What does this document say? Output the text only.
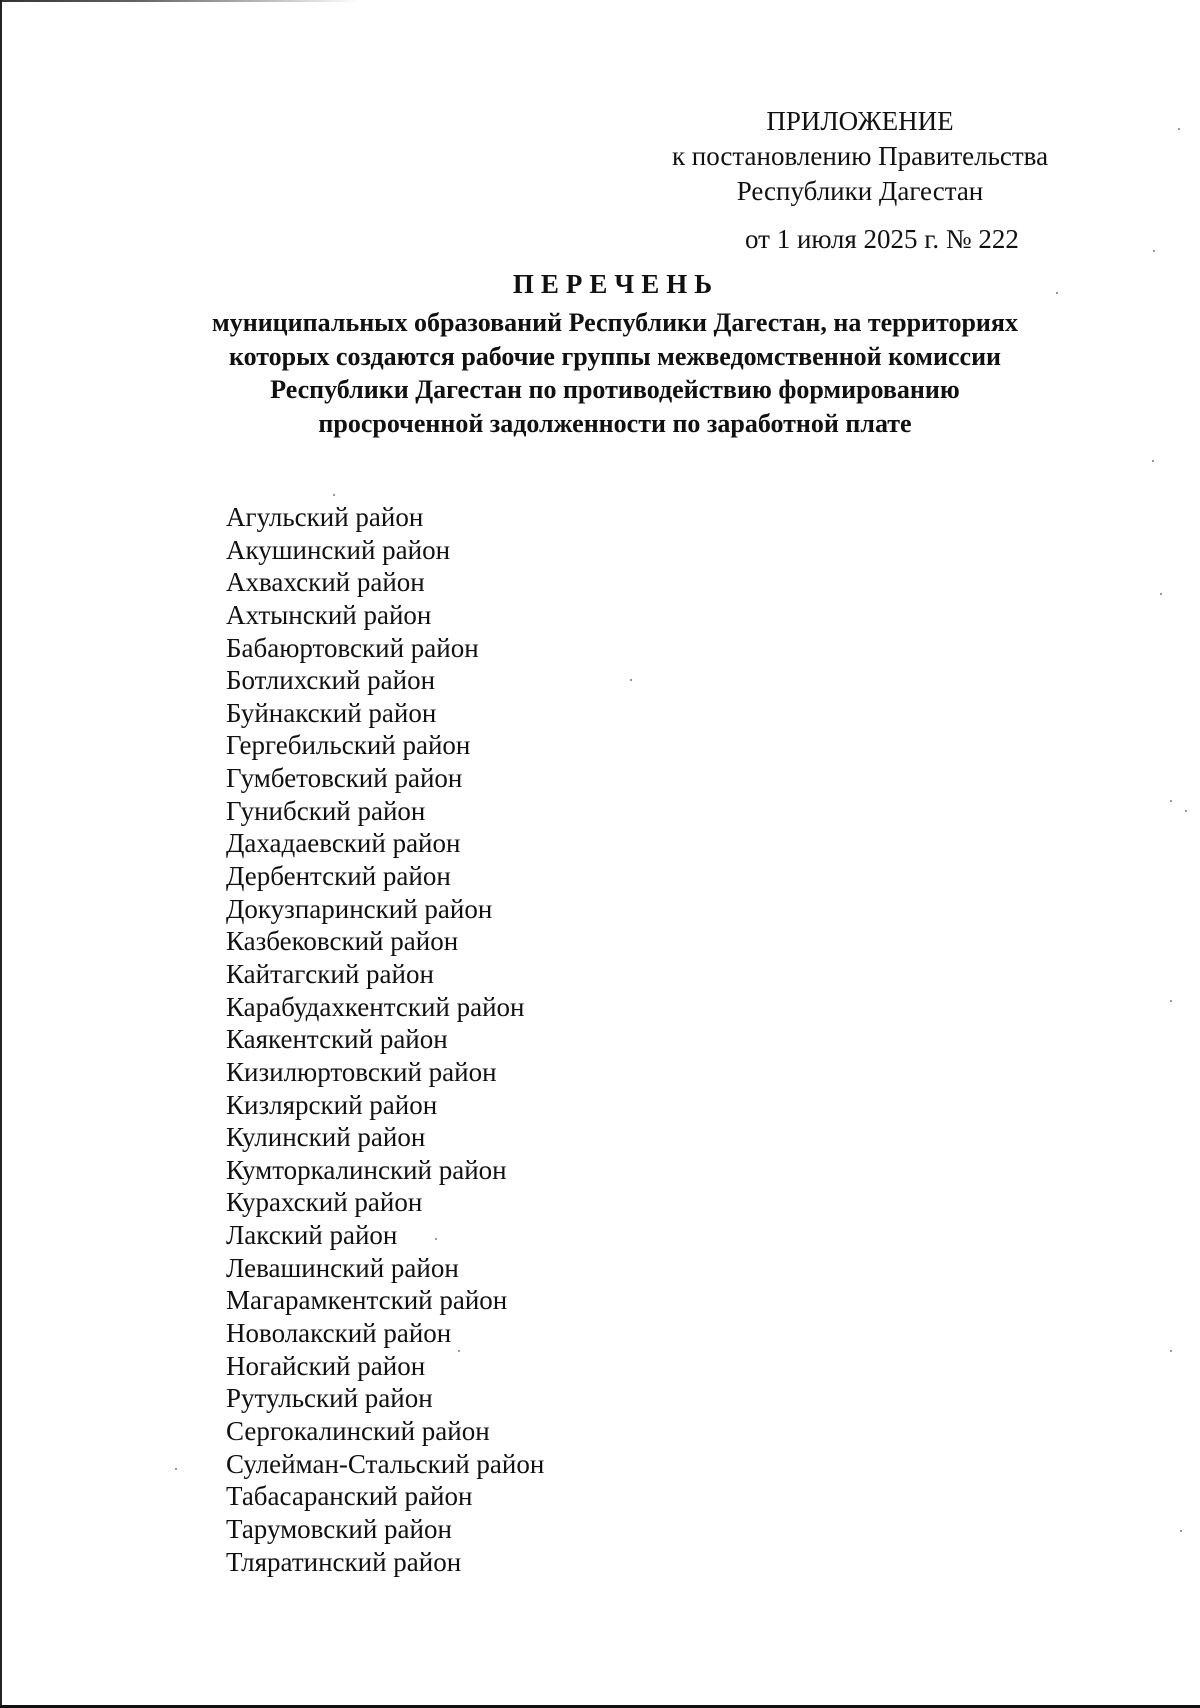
ПРИЛОЖЕНИЕ
к постановлению Правительства
Республики Дагестан
от 1 июля 2025 г. № 222
ПЕРЕЧЕНЬ
муниципальных образований Республики Дагестан, на территориях
которых создаются рабочие группы межведомственной комиссии
Республики Дагестан по противодействию формированию
просроченной задолженности по заработной плате
Агульский район
Акушинский район
Ахвахский район
Ахтынский район
Бабаюртовский район
Ботлихский район
Буйнакский район
Гергебильский район
Гумбетовский район
Гунибский район
Дахадаевский район
Дербентский район
Докузпаринский район
Казбековский район
Кайтагский район
Карабудахкентский район
Каякентский район
Кизилюртовский район
Кизлярский район
Кулинский район
Кумторкалинский район
Курахский район
Лакский район
Левашинский район
Магарамкентский район
Новолакский район
Ногайский район
Рутульский район
Сергокалинский район
Сулейман-Стальский район
Табасаранский район
Тарумовский район
Тляратинский район
